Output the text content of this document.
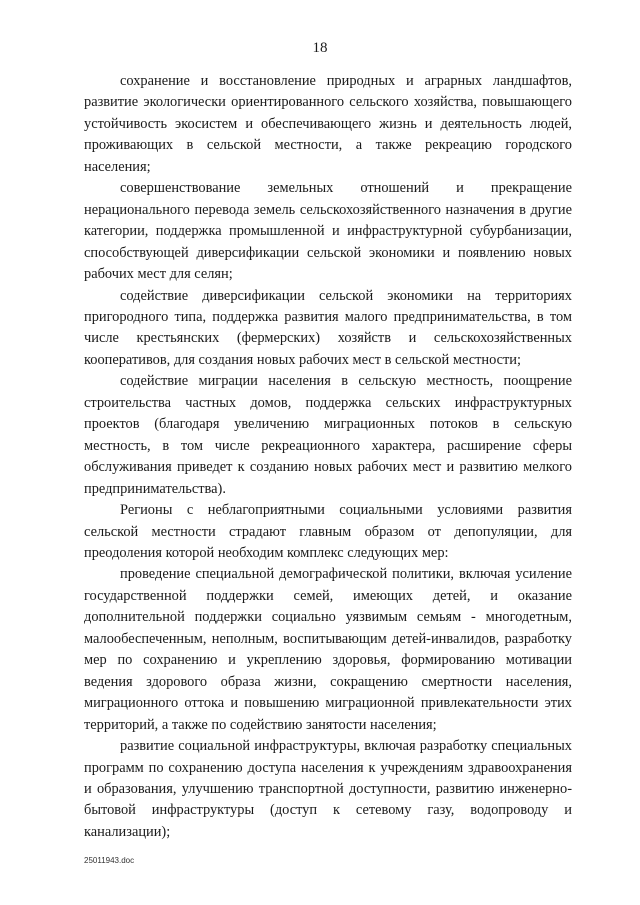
18

сохранение и восстановление природных и аграрных ландшафтов, развитие экологически ориентированного сельского хозяйства, повышающего устойчивость экосистем и обеспечивающего жизнь и деятельность людей, проживающих в сельской местности, а также рекреацию городского населения;

совершенствование земельных отношений и прекращение нерационального перевода земель сельскохозяйственного назначения в другие категории, поддержка промышленной и инфраструктурной субурбанизации, способствующей диверсификации сельской экономики и появлению новых рабочих мест для селян;

содействие диверсификации сельской экономики на территориях пригородного типа, поддержка развития малого предпринимательства, в том числе крестьянских (фермерских) хозяйств и сельскохозяйственных кооперативов, для создания новых рабочих мест в сельской местности;

содействие миграции населения в сельскую местность, поощрение строительства частных домов, поддержка сельских инфраструктурных проектов (благодаря увеличению миграционных потоков в сельскую местность, в том числе рекреационного характера, расширение сферы обслуживания приведет к созданию новых рабочих мест и развитию мелкого предпринимательства).

Регионы с неблагоприятными социальными условиями развития сельской местности страдают главным образом от депопуляции, для преодоления которой необходим комплекс следующих мер:

проведение специальной демографической политики, включая усиление государственной поддержки семей, имеющих детей, и оказание дополнительной поддержки социально уязвимым семьям - многодетным, малообеспеченным, неполным, воспитывающим детей-инвалидов, разработку мер по сохранению и укреплению здоровья, формированию мотивации ведения здорового образа жизни, сокращению смертности населения, миграционного оттока и повышению миграционной привлекательности этих территорий, а также по содействию занятости населения;

развитие социальной инфраструктуры, включая разработку специальных программ по сохранению доступа населения к учреждениям здравоохранения и образования, улучшению транспортной доступности, развитию инженерно-бытовой инфраструктуры (доступ к сетевому газу, водопроводу и канализации);

25011943.doc
